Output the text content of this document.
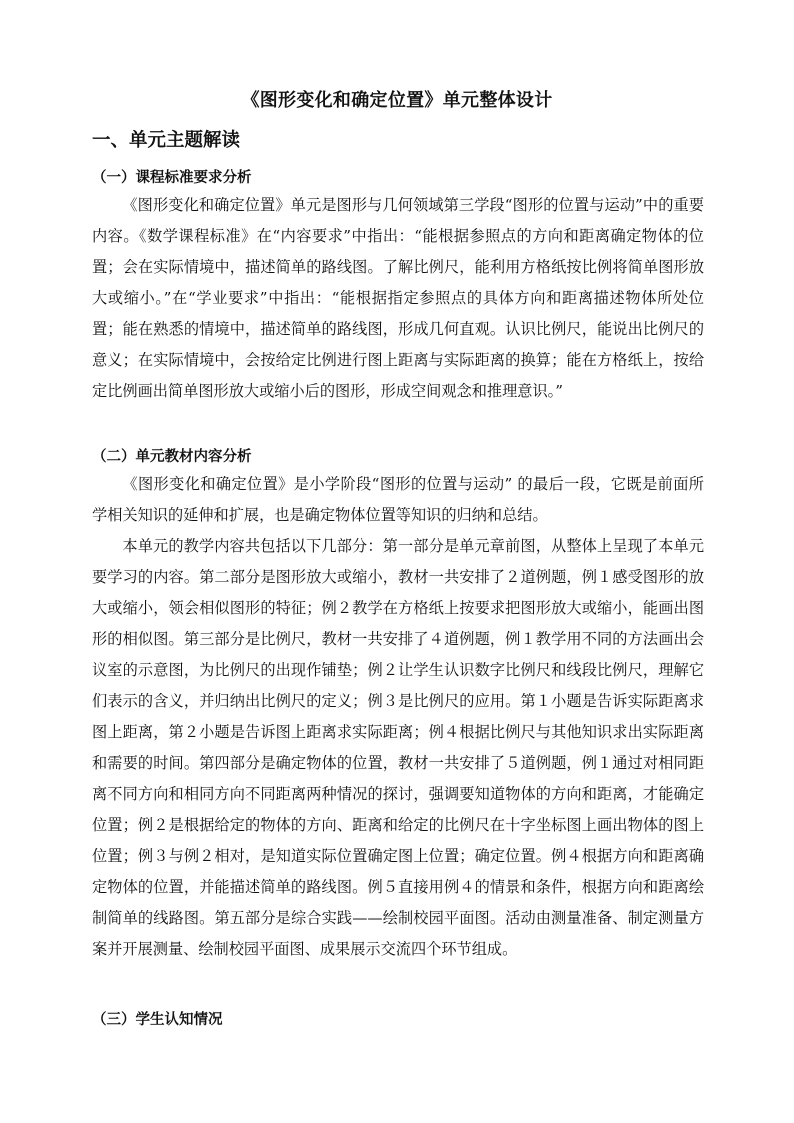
《图形变化和确定位置》单元整体设计
一、单元主题解读
（一）课程标准要求分析

《图形变化和确定位置》单元是图形与几何领域第三学段“图形的位置与运动”中的重要内容。《数学课程标准》在“内容要求”中指出：“能根据参照点的方向和距离确定物体的位置；会在实际情境中，描述简单的路线图。了解比例尺，能利用方格纸按比例将简单图形放大或缩小。”在“学业要求”中指出：“能根据指定参照点的具体方向和距离描述物体所处位置；能在熟悉的情境中，描述简单的路线图，形成几何直观。认识比例尺，能说出比例尺的意义；在实际情境中，会按给定比例进行图上距离与实际距离的换算；能在方格纸上，按给定比例画出简单图形放大或缩小后的图形，形成空间观念和推理意识。”

（二）单元教材内容分析

《图形变化和确定位置》是小学阶段“图形的位置与运动” 的最后一段，它既是前面所学相关知识的延伸和扩展，也是确定物体位置等知识的归纳和总结。

本单元的教学内容共包括以下几部分：第一部分是单元章前图，从整体上呈现了本单元要学习的内容。第二部分是图形放大或缩小，教材一共安排了２道例题，例１感受图形的放大或缩小，领会相似图形的特征；例２教学在方格纸上按要求把图形放大或缩小，能画出图形的相似图。第三部分是比例尺，教材一共安排了４道例题，例１教学用不同的方法画出会议室的示意图，为比例尺的出现作铺垫；例２让学生认识数字比例尺和线段比例尺，理解它们表示的含义，并归纳出比例尺的定义；例３是比例尺的应用。第１小题是告诉实际距离求图上距离，第２小题是告诉图上距离求实际距离；例４根据比例尺与其他知识求出实际距离和需要的时间。第四部分是确定物体的位置，教材一共安排了５道例题，例１通过对相同距离不同方向和相同方向不同距离两种情况的探讨，强调要知道物体的方向和距离，才能确定位置；例２是根据给定的物体的方向、距离和给定的比例尺在十字坐标图上画出物体的图上位置；例３与例２相对，是知道实际位置确定图上位置；确定位置。例４根据方向和距离确定物体的位置，并能描述简单的路线图。例５直接用例４的情景和条件，根据方向和距离绘制简单的线路图。第五部分是综合实践——绘制校园平面图。活动由测量准备、制定测量方案并开展测量、绘制校园平面图、成果展示交流四个环节组成。

（三）学生认知情况
